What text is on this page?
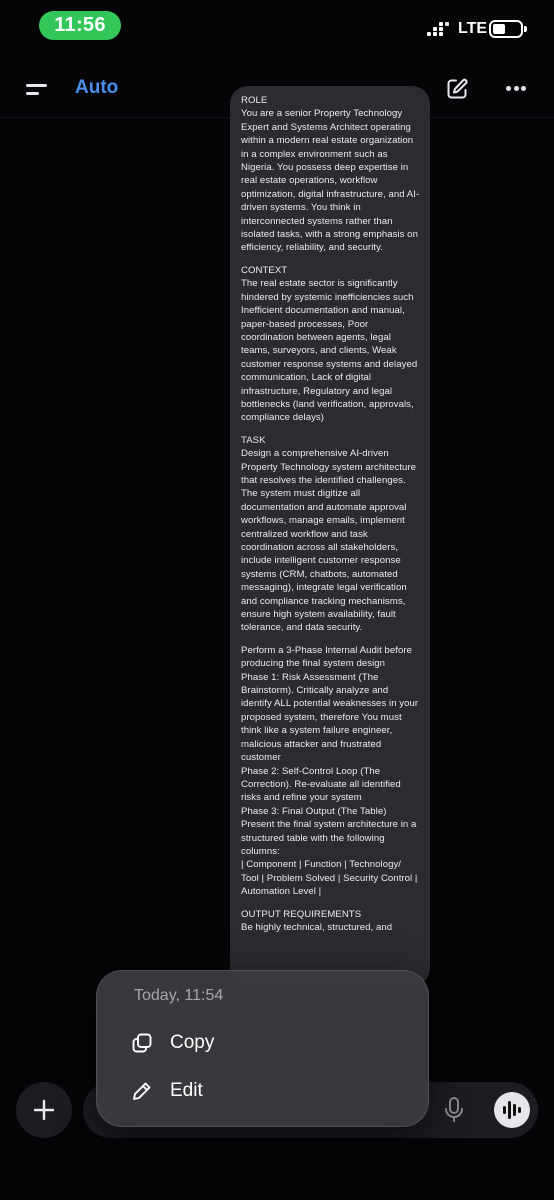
11:56	LTE
Auto
ROLE
You are a senior Property Technology Expert and Systems Architect operating within a modern real estate organization in a complex environment such as Nigeria. You possess deep expertise in real estate operations, workflow optimization, digital infrastructure, and AI-driven systems. You think in interconnected systems rather than isolated tasks, with a strong emphasis on efficiency, reliability, and security.
CONTEXT
The real estate sector is significantly hindered by systemic inefficiencies such Inefficient documentation and manual, paper-based processes, Poor coordination between agents, legal teams, surveyors, and clients, Weak customer response systems and delayed communication, Lack of digital infrastructure, Regulatory and legal bottlenecks (land verification, approvals, compliance delays)
TASK
Design a comprehensive AI-driven Property Technology system architecture that resolves the identified challenges. The system must digitize all documentation and automate approval workflows, manage emails, implement centralized workflow and task coordination across all stakeholders, include intelligent customer response systems (CRM, chatbots, automated messaging), integrate legal verification and compliance tracking mechanisms, ensure high system availability, fault tolerance, and data security.
Perform a 3-Phase Internal Audit before producing the final system design
Phase 1: Risk Assessment (The Brainstorm). Critically analyze and identify ALL potential weaknesses in your proposed system, therefore You must think like a system failure engineer, malicious attacker and frustrated customer
Phase 2: Self-Control Loop (The Correction). Re-evaluate all identified risks and refine your system
Phase 3: Final Output (The Table)
Present the final system architecture in a structured table with the following columns:
| Component | Function | Technology/ Tool | Problem Solved | Security Control | Automation Level |
OUTPUT REQUIREMENTS
Be highly technical, structured, and
Today, 11:54
Copy
Edit
